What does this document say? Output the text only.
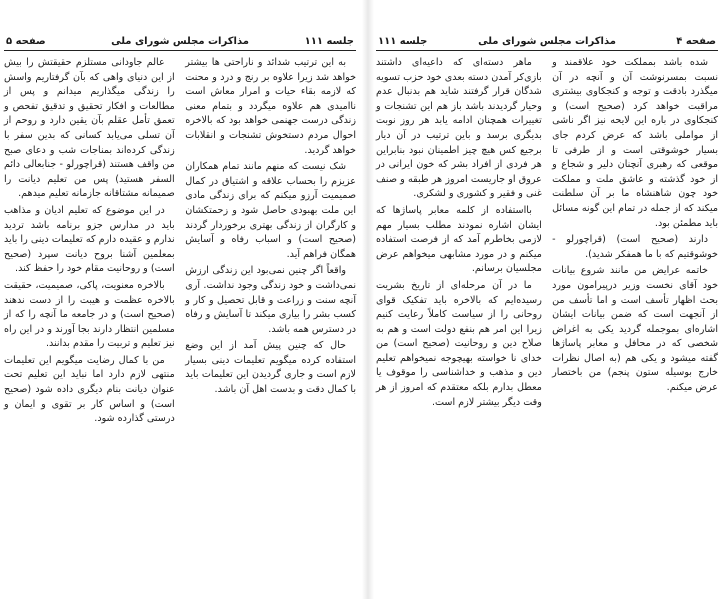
صفحه ۵	مذاکرات مجلس شورای ملی	جلسه ۱۱۱

به این ترتیب شدائد و ناراحتی ها بیشتر خواهد شد زیرا علاوه بر رنج و درد و محنت که لازمه بقاء حیات و امرار معاش است ناامیدی هم علاوه میگردد و بتمام معنی زندگی درست جهنمی خواهد بود که بالاخره احوال مردم دستخوش تشنجات و انقلابات خواهد گردید.

شک نیست که منهم مانند تمام همکاران عزیزم را بحساب علاقه و اشتیاق در کمال صمیمیت آرزو میکنم که برای زندگی مادی این ملت بهبودی حاصل شود و زحمتکشان و کارگران از زندگی بهتری برخوردار گردند (صحیح است) و اسباب رفاه و آسایش همگان فراهم آید.

واقعاً اگر چنین نمی‌بود این زندگی ارزش نمی‌داشت و خود زندگی وجود نداشت. آری آنچه سنت و زراعت و قابل تحصیل و کار و کسب بشر را بیاری میکند تا آسایش و رفاه در دسترس همه باشد.

حال که چنین پیش آمد از این وضع استفاده کرده میگویم تعلیمات دینی بسیار لازم است و جاری گردیدن این تعلیمات باید با کمال دقت و بدست اهل آن باشد.

عالم جاودانی مستلزم حقیقتش را بیش از این دنیای واهی که بآن گرفتاریم واسش را زندگی میگذاریم میدانم و پس از مطالعات و افکار تحقیق و تدقیق تفحص و تعمق تأمل عقلم بآن یقین دارد و روحم از آن تسلی می‌یابد کسانی که بدین سفر با زندگی کرده‌اند بمناجات شب و دعای صبح من واقف هستند (قراچورلو - جنابعالی دائم السفر هستید) پس من تعلیم دیانت را صمیمانه مشتاقانه جازمانه تعلیم میدهم.

در این موضوع که تعلیم ادیان و مذاهب باید در مدارس جزو برنامه باشد تردید ندارم و عقیده دارم که تعلیمات دینی را باید بمعلمین آشنا بروح دیانت سپرد (صحیح است) و روحانیت مقام خود را حفظ کند.

بالاخره معنویت، پاکی، صمیمیت، حقیقت بالاخره عظمت و هیبت را از دست ندهند (صحیح است) و در جامعه ما آنچه را که از مسلمین انتظار دارند بجا آورند و در این راه نیز تعلیم و تربیت را مقدم بدانند.

من با کمال رضایت میگویم این تعلیمات منتهی لازم دارد اما نباید این تعلیم تحت عنوان دیانت بنام دیگری داده شود (صحیح است) و اساس کار بر تقوی و ایمان و درستی گذارده شود.

صفحه ۴
مذاکرات مجلس شورای ملی
جلسه ۱۱۱

شده باشد بمملکت خود علاقمند و نسبت بمسرنوشت آن و آنچه در آن میگذرد بادقت و توجه و کنجکاوی بیشتری مراقبت خواهد کرد (صحیح است) و کنجکاوی در باره این لایحه نیز اگر ناشی از مواملی باشد که عرض کردم جای بسیار خوشوقتی است و از طرفی تا موقعی که رهبری آنچنان دلیر و شجاع و از خود گذشته و عاشق ملت و مملکت خود چون شاهنشاه ما بر آن سلطنت میکند که از جمله در تمام این گونه مسائل باید مطمئن بود.

دارند (صحیح است) (قراچورلو - خوشوقتیم که با ما همفکر شدید).

خاتمه عرایض من مانند شروع بیانات خود آقای نخست وزیر درپیرامون مورد بحث اظهار تأسف است و اما تأسف من از آنجهت است که ضمن بیانات ایشان اشاره‌ای بموجمله گردید یکی به اغراض شخصی که در محافل و معابر پاساژها گفته میشود و یکی هم (به اصال نظرات خارج بوسیله ستون پنجم) من باختصار عرض میکنم.

ماهر دسته‌ای که داعیه‌ای داشتند بازی‌کر آمدن دسته بعدی خود حزب تسویه شدگان قرار گرفتند شاید هم بدنبال عدم وحیار گردیدند باشد باز هم این تشنجات و تغییرات همچنان ادامه یابد هر روز نوبت بدیگری برسد و باین ترتیب در آن دیار برجیع کس هیچ چیز اطمینان نبود بنابراین هر فردی از افراد بشر که خون ایرانی در عروق او جاریست امروز هر طبقه و صنف غنی و فقیر و کشوری و لشکری.

بااستفاده از کلمه معابر پاساژها که ایشان اشاره نمودند مطلب بسیار مهم لازمی بخاطرم آمد که از فرصت استفاده میکنم و در مورد مشابهی میخواهم عرض مجلسیان برسانم.

ما در آن مرحله‌ای از تاریخ بشریت رسیده‌ایم که بالاخره باید تفکیک قوای روحانی را از سیاست کاملاً رعایت کنیم زیرا این امر هم بنفع دولت است و هم به صلاح دین و روحانیت (صحیح است) من خدای نا خواسته بهیچوجه نمیخواهم تعلیم دین و مذهب و خداشناسی را موقوف یا معطل بدارم بلکه معتقدم که امروز از هر وقت دیگر بیشتر لازم است.
